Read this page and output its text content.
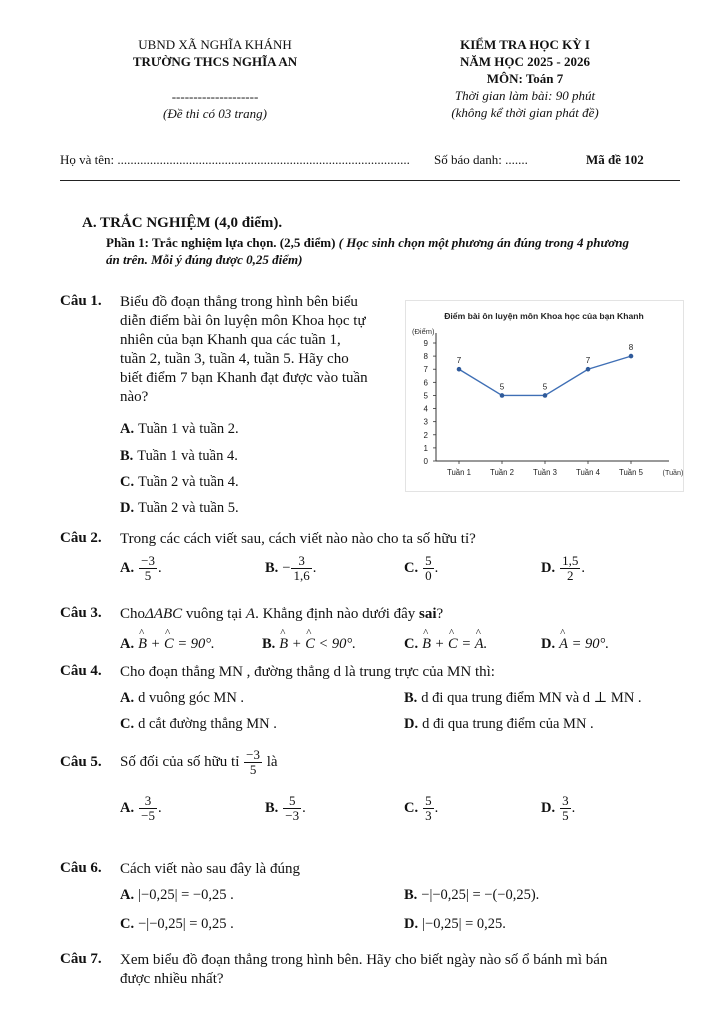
UBND XÃ NGHĨA KHÁNH
TRƯỜNG THCS NGHĨA AN
--------------------
(Đề thi có 03 trang)
KIỂM TRA HỌC KỲ I
NĂM HỌC 2025 - 2026
MÔN: Toán 7
Thời gian làm bài: 90 phút
(không kể thời gian phát đề)
Họ và tên: .......................................................................................... Số báo danh: .......	Mã đề 102
A. TRẮC NGHIỆM (4,0 điểm).
Phần 1: Trắc nghiệm lựa chọn. (2,5 điểm) ( Học sinh chọn một phương án đúng trong 4 phương
án trên. Mỗi ý đúng được 0,25 điểm)
Câu 1. Biểu đồ đoạn thẳng trong hình bên biểu
diễn điểm bài ôn luyện môn Khoa học tự
nhiên của bạn Khanh qua các tuần 1,
tuần 2, tuần 3, tuần 4, tuần 5. Hãy cho
biết điểm 7 bạn Khanh đạt được vào tuần
nào?
A. Tuần 1 và tuần 2.
B. Tuần 1 và tuần 4.
C. Tuần 2 và tuần 4.
D. Tuần 2 và tuần 5.
Điểm bài ôn luyện môn Khoa học của bạn Khanh
(Điểm)
0
1
2
3
4
5
6
7
8
9
Tuần 1 Tuần 2 Tuần 3 Tuần 4 Tuần 5	(Tuần)
7
5	5
7
8
Câu 2. Trong các cách viết sau, cách viết nào nào cho ta số hữu tỉ?
A. $\frac{-3}{5}$ .	B. − $\frac{3}{1,6}$ .	C. $\frac{5}{0}$ .	D. $\frac{1,5}{2}$ .
Câu 3. ChoΔABC vuông tại A. Khẳng định nào dưới đây sai?
A. ^ B + ^ C = 90°.	B. ^ B + ^ C < 90°.	C. ^ B + ^ C = ^ A.	D. ^ A = 90°.
Câu 4. Cho đoạn thẳng MN , đường thẳng d là trung trực của MN thì:
A. d vuông góc MN .	B. d đi qua trung điểm MN và d ⊥ MN .
C. d cắt đường thẳng MN .	D. d đi qua trung điểm của MN .
Câu 5. Số đối của số hữu tỉ $\frac{-3}{5}$ là
A. $\frac{3}{-5}$ .	B. $\frac{5}{-3}$ .	C. $\frac{5}{3}$ .	D. $\frac{3}{5}$ .
Câu 6. Cách viết nào sau đây là đúng
A. |−0,25| = −0,25 .	B. −|−0,25| = −(−0,25).
C. −|−0,25| = 0,25 .	D. |−0,25| = 0,25.
Câu 7. Xem biểu đồ đoạn thẳng trong hình bên. Hãy cho biết ngày nào số ổ bánh mì bán
được nhiều nhất?
